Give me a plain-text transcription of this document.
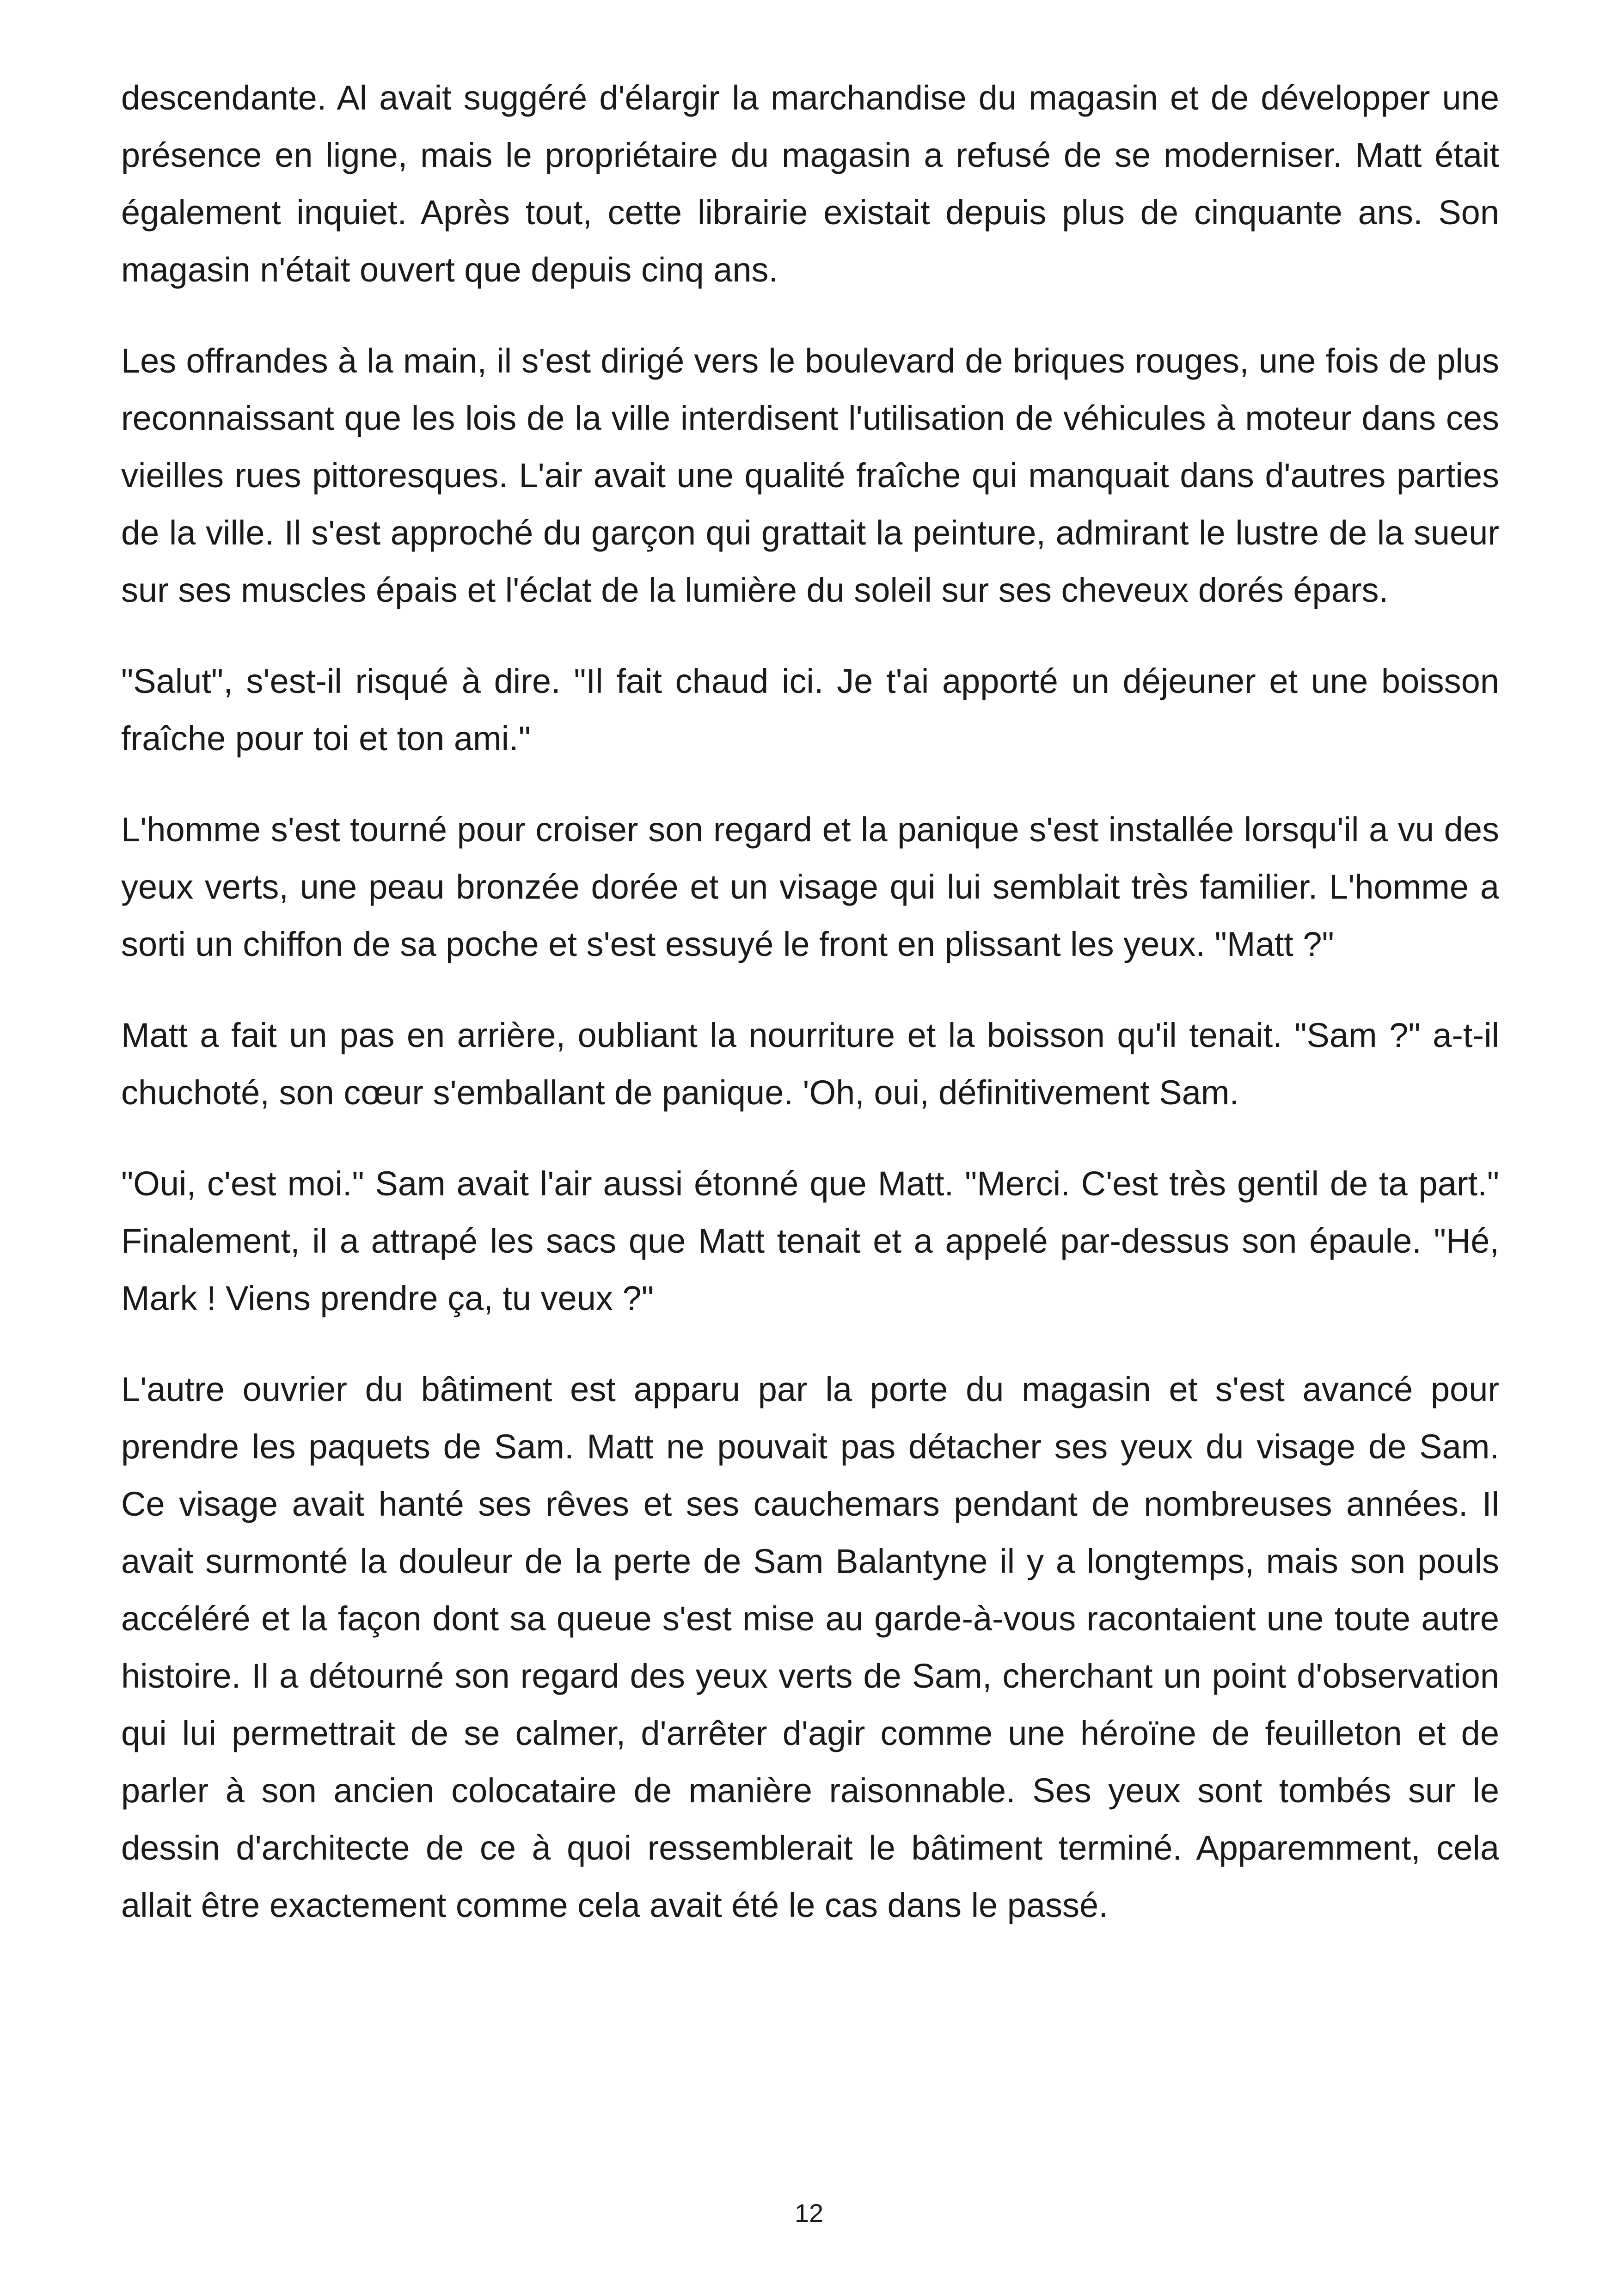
descendante. Al avait suggéré d'élargir la marchandise du magasin et de développer une présence en ligne, mais le propriétaire du magasin a refusé de se moderniser. Matt était également inquiet. Après tout, cette librairie existait depuis plus de cinquante ans. Son magasin n'était ouvert que depuis cinq ans.

Les offrandes à la main, il s'est dirigé vers le boulevard de briques rouges, une fois de plus reconnaissant que les lois de la ville interdisent l'utilisation de véhicules à moteur dans ces vieilles rues pittoresques. L'air avait une qualité fraîche qui manquait dans d'autres parties de la ville. Il s'est approché du garçon qui grattait la peinture, admirant le lustre de la sueur sur ses muscles épais et l'éclat de la lumière du soleil sur ses cheveux dorés épars.

"Salut", s'est-il risqué à dire. "Il fait chaud ici. Je t'ai apporté un déjeuner et une boisson fraîche pour toi et ton ami."

L'homme s'est tourné pour croiser son regard et la panique s'est installée lorsqu'il a vu des yeux verts, une peau bronzée dorée et un visage qui lui semblait très familier. L'homme a sorti un chiffon de sa poche et s'est essuyé le front en plissant les yeux. "Matt ?"

Matt a fait un pas en arrière, oubliant la nourriture et la boisson qu'il tenait. "Sam ?" a-t-il chuchoté, son cœur s'emballant de panique. 'Oh, oui, définitivement Sam.

"Oui, c'est moi." Sam avait l'air aussi étonné que Matt. "Merci. C'est très gentil de ta part." Finalement, il a attrapé les sacs que Matt tenait et a appelé par-dessus son épaule. "Hé, Mark ! Viens prendre ça, tu veux ?"

L'autre ouvrier du bâtiment est apparu par la porte du magasin et s'est avancé pour prendre les paquets de Sam. Matt ne pouvait pas détacher ses yeux du visage de Sam. Ce visage avait hanté ses rêves et ses cauchemars pendant de nombreuses années. Il avait surmonté la douleur de la perte de Sam Balantyne il y a longtemps, mais son pouls accéléré et la façon dont sa queue s'est mise au garde-à-vous racontaient une toute autre histoire. Il a détourné son regard des yeux verts de Sam, cherchant un point d'observation qui lui permettrait de se calmer, d'arrêter d'agir comme une héroïne de feuilleton et de parler à son ancien colocataire de manière raisonnable. Ses yeux sont tombés sur le dessin d'architecte de ce à quoi ressemblerait le bâtiment terminé. Apparemment, cela allait être exactement comme cela avait été le cas dans le passé.

12
